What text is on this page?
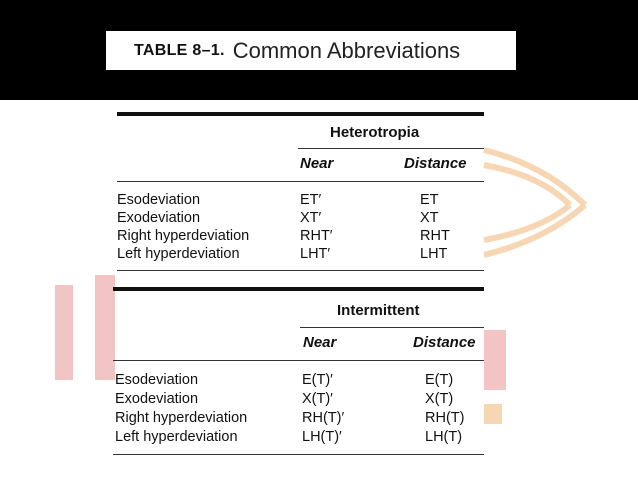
TABLE 8–1. Common Abbreviations
Heterotropia
Near	Distance
Esodeviation	ET′	ET
Exodeviation	XT′	XT
Right hyperdeviation	RHT′	RHT
Left hyperdeviation	LHT′	LHT
Intermittent
Near	Distance
Esodeviation	E(T)′	E(T)
Exodeviation	X(T)′	X(T)
Right hyperdeviation	RH(T)′	RH(T)
Left hyperdeviation	LH(T)′	LH(T)
